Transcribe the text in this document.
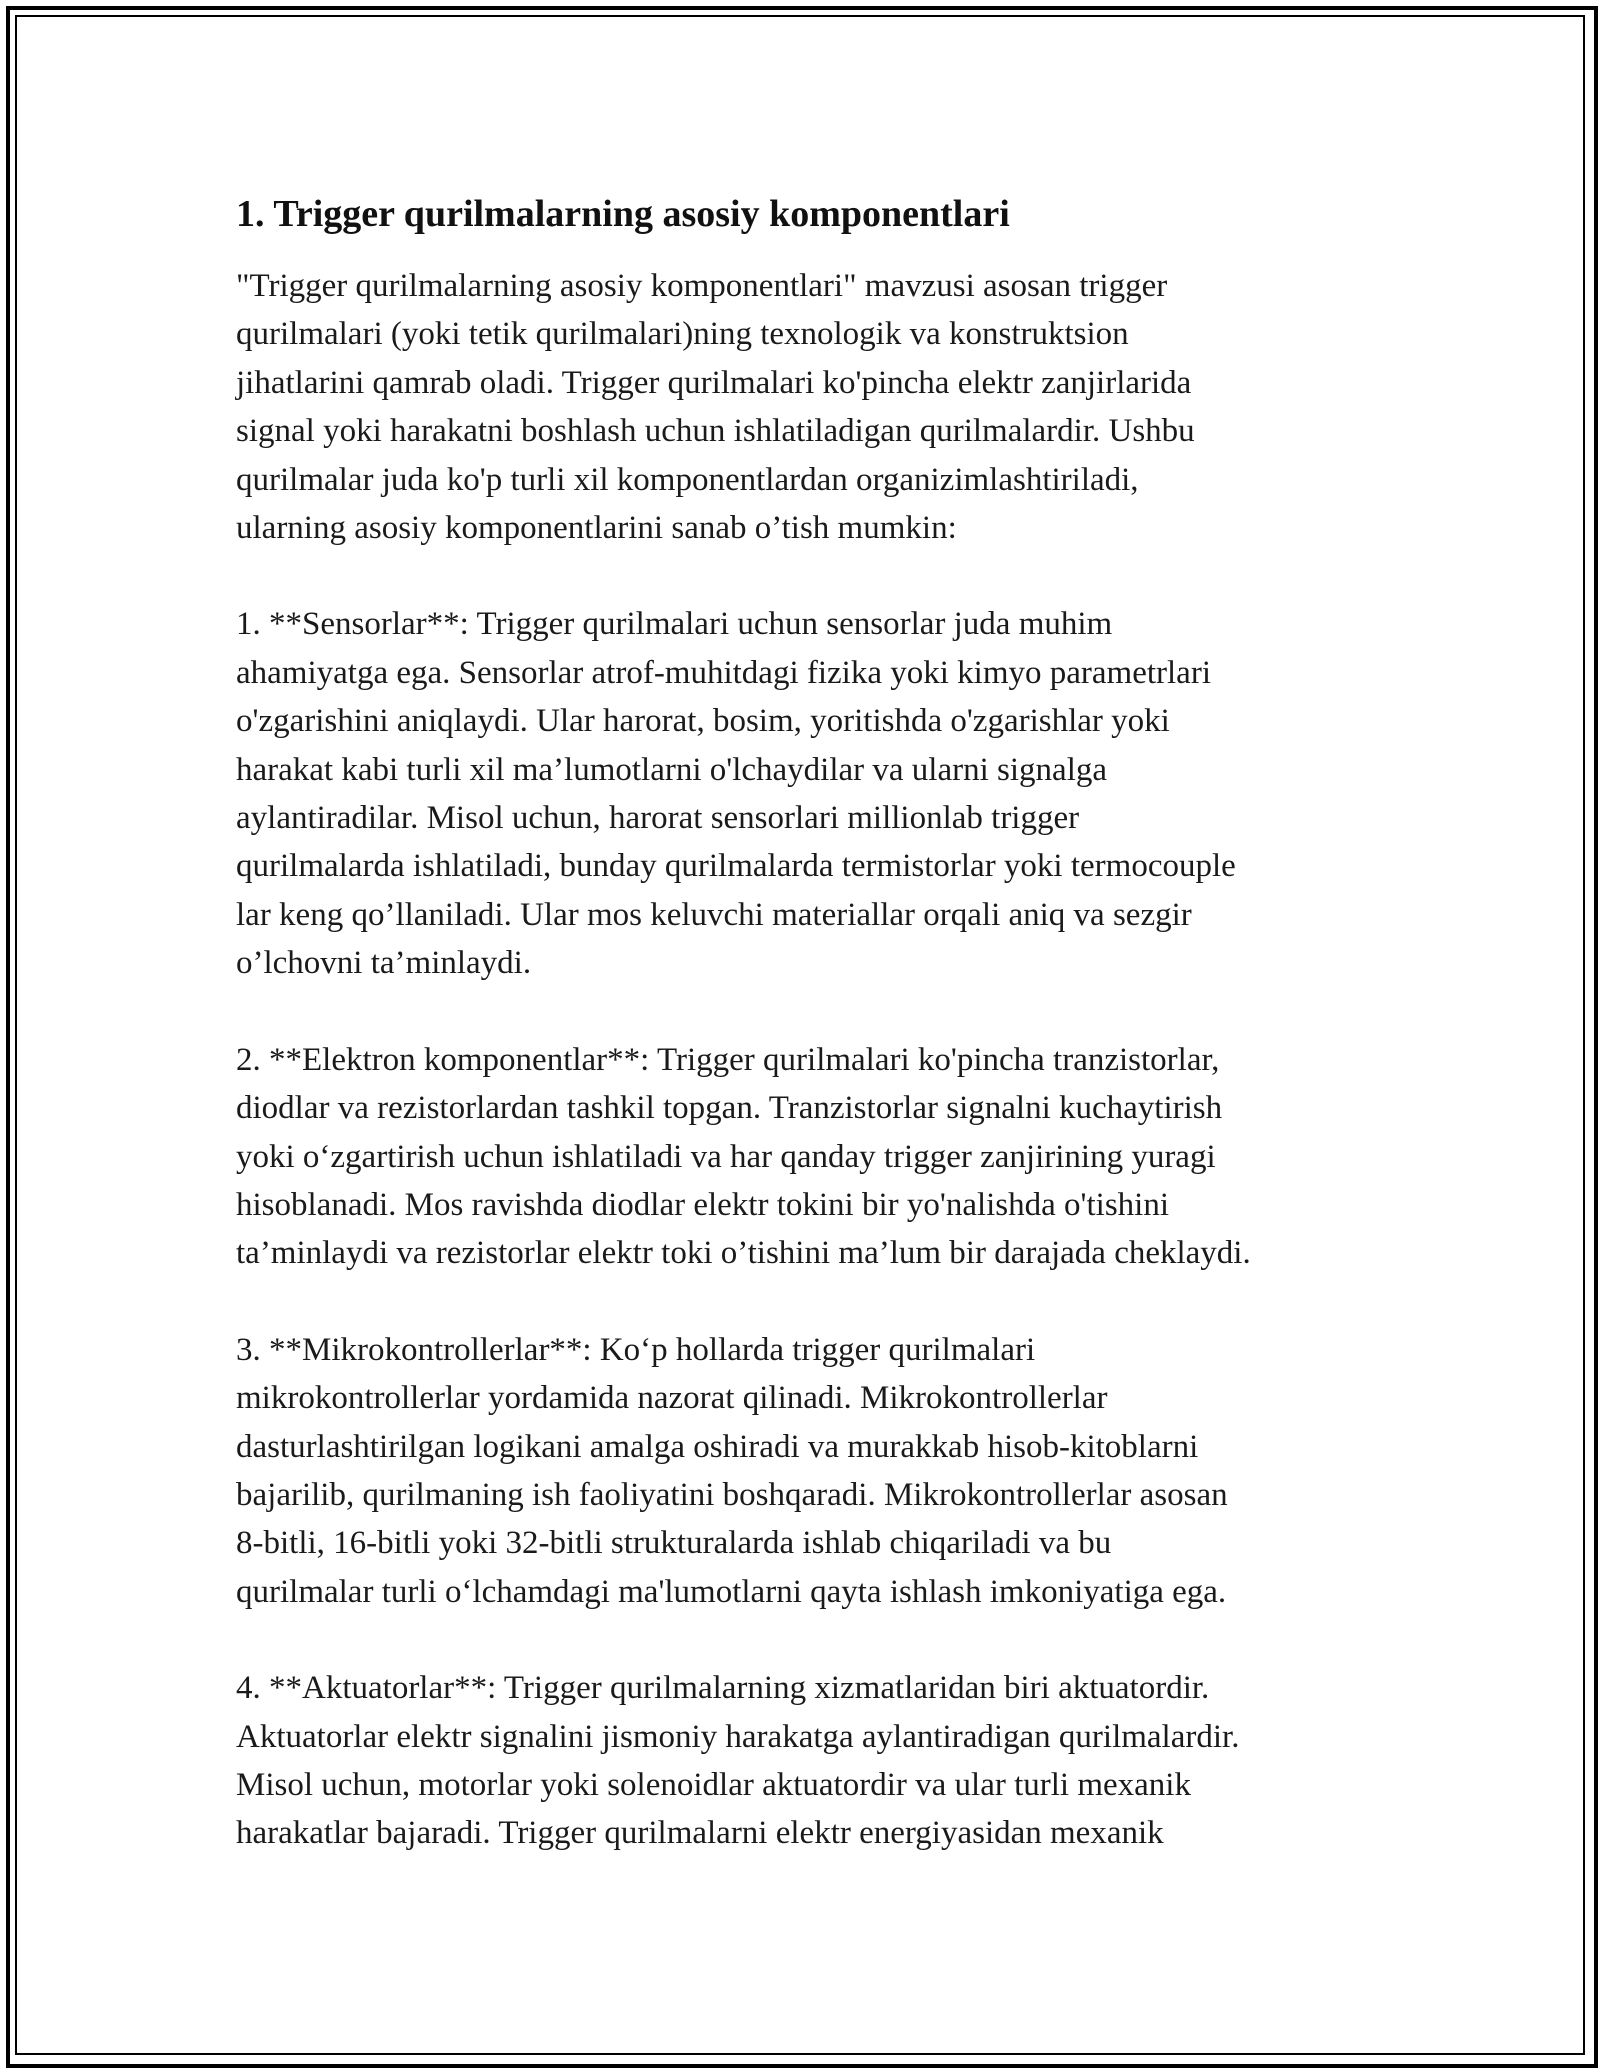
1. Trigger qurilmalarning asosiy komponentlari
"Trigger qurilmalarning asosiy komponentlari" mavzusi asosan trigger
qurilmalari (yoki tetik qurilmalari)ning texnologik va konstruktsion
jihatlarini qamrab oladi. Trigger qurilmalari ko'pincha elektr zanjirlarida
signal yoki harakatni boshlash uchun ishlatiladigan qurilmalardir. Ushbu
qurilmalar juda ko'p turli xil komponentlardan organizimlashtiriladi,
ularning asosiy komponentlarini sanab o’tish mumkin:
1. **Sensorlar**: Trigger qurilmalari uchun sensorlar juda muhim
ahamiyatga ega. Sensorlar atrof-muhitdagi fizika yoki kimyo parametrlari
o'zgarishini aniqlaydi. Ular harorat, bosim, yoritishda o'zgarishlar yoki
harakat kabi turli xil ma’lumotlarni o'lchaydilar va ularni signalga
aylantiradilar. Misol uchun, harorat sensorlari millionlab trigger
qurilmalarda ishlatiladi, bunday qurilmalarda termistorlar yoki termocouple
lar keng qo’llaniladi. Ular mos keluvchi materiallar orqali aniq va sezgir
o’lchovni ta’minlaydi.
2. **Elektron komponentlar**: Trigger qurilmalari ko'pincha tranzistorlar,
diodlar va rezistorlardan tashkil topgan. Tranzistorlar signalni kuchaytirish
yoki o‘zgartirish uchun ishlatiladi va har qanday trigger zanjirining yuragi
hisoblanadi. Mos ravishda diodlar elektr tokini bir yo'nalishda o'tishini
ta’minlaydi va rezistorlar elektr toki o’tishini ma’lum bir darajada cheklaydi.
3. **Mikrokontrollerlar**: Ko‘p hollarda trigger qurilmalari
mikrokontrollerlar yordamida nazorat qilinadi. Mikrokontrollerlar
dasturlashtirilgan logikani amalga oshiradi va murakkab hisob-kitoblarni
bajarilib, qurilmaning ish faoliyatini boshqaradi. Mikrokontrollerlar asosan
8-bitli, 16-bitli yoki 32-bitli strukturalarda ishlab chiqariladi va bu
qurilmalar turli o‘lchamdagi ma'lumotlarni qayta ishlash imkoniyatiga ega.
4. **Aktuatorlar**: Trigger qurilmalarning xizmatlaridan biri aktuatordir.
Aktuatorlar elektr signalini jismoniy harakatga aylantiradigan qurilmalardir.
Misol uchun, motorlar yoki solenoidlar aktuatordir va ular turli mexanik
harakatlar bajaradi. Trigger qurilmalarni elektr energiyasidan mexanik
